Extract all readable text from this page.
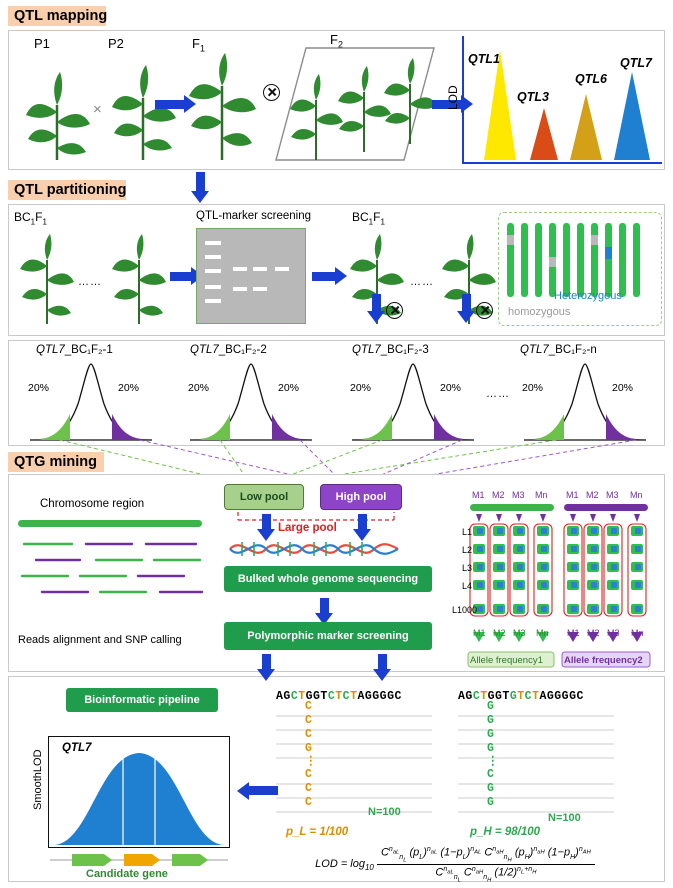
QTL mapping
P1	P2	$F_1$
$F_2$
×	LOD
QTL1
QTL3
QTL6
QTL7
QTL partitioning
$BC_1F_1$
……
QTL-marker screening	$BC_1F_1$
……
Heterozygous
homozygous
QTL7_BC₁F₂-1	QTL7_BC₁F₂-2	QTL7_BC₁F₂-3	QTL7_BC₁F₂-n
20%	20%	20%	20%	20%	20% …… 20%	20%
QTG mining
Chromosome region
Reads alignment and SNP calling
Low pool	High pool
Large pool
Bulked whole genome sequencing
Polymorphic marker screening
M1 M2 M3 Mn M1 M2 M3 Mn
L1
L2
L3
L4
L1000
M1 M2 M3 Mn M1 M2 M3 Mn
Allele frequency1 Allele frequency2
Bioinformatic pipeline
SmoothLOD
QTL7
Candidate gene
AGCTGGTCTCTAGGGGC	AGCTGGTGTCTAGGGGC
C
C
C
G
⋮
C
C
C
G
G
G
G
⋮
C
G
G
N=100	N=100
p_L = 1/100	p_H = 98/100
LOD = $\log_{10}$
$C^{n_{aL}}_{n_L}$ $(p_L)^{n_{aL}}$ $(1-p_L)^{n_{AL}}$ $C^{n_{aH}}_{n_H}$ $(p_H)^{n_{aH}}$ $(1-p_H)^{n_{AH}}$
$C^{n_{aL}}_{n_L}$ $C^{n_{aH}}_{n_H}$ $(1/2)^{n_L+n_H}$
